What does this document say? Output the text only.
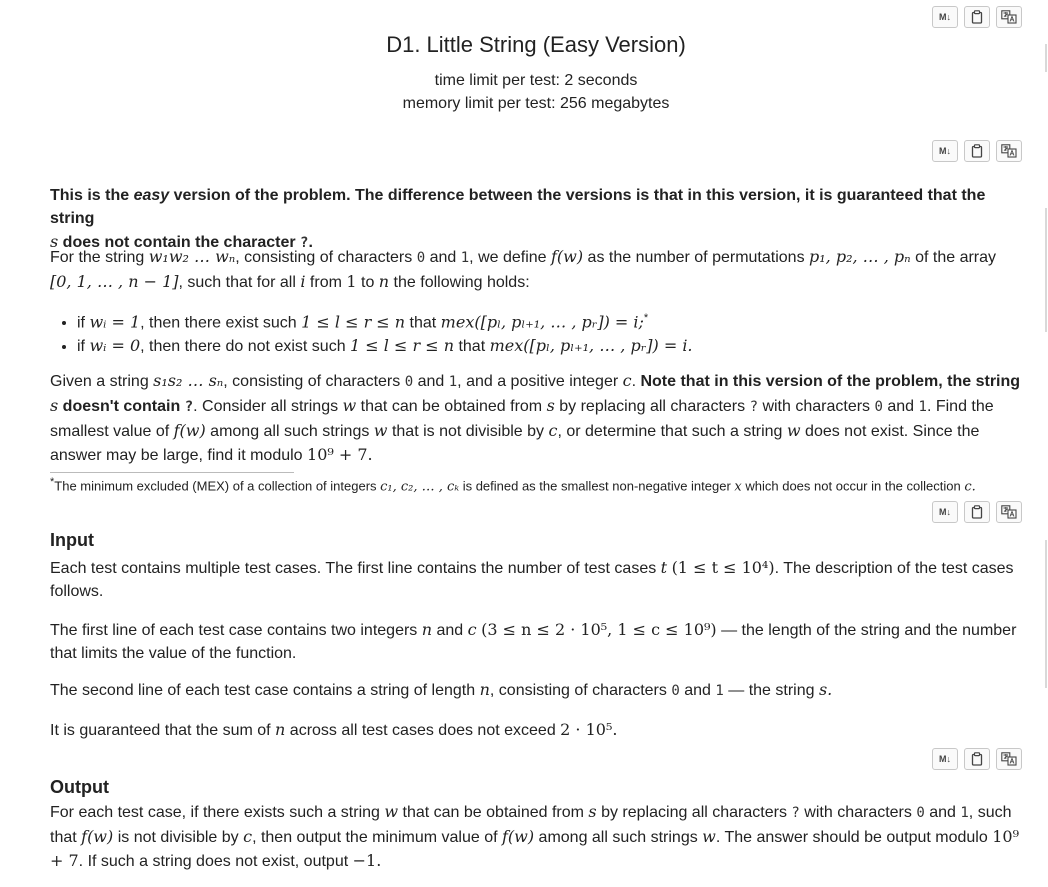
M↓
M↓
M↓
M↓
D1. Little String (Easy Version)
time limit per test: 2 seconds
memory limit per test: 256 megabytes
This is the easy version of the problem. The difference between the versions is that in this version, it is guaranteed that the string
s does not contain the character ?.
For the string w₁w₂ … wₙ, consisting of characters 0 and 1, we define f(w) as the number of permutations p₁, p₂, … , pₙ of the array
[0, 1, … , n − 1], such that for all i from 1 to n the following holds:
• if wᵢ = 1, then there exist such 1 ≤ l ≤ r ≤ n that mex([pₗ, pₗ₊₁, … , pᵣ]) = i;*
• if wᵢ = 0, then there do not exist such 1 ≤ l ≤ r ≤ n that mex([pₗ, pₗ₊₁, … , pᵣ]) = i.
Given a string s₁s₂ … sₙ, consisting of characters 0 and 1, and a positive integer c. Note that in this version of the problem, the string
s doesn't contain ?. Consider all strings w that can be obtained from s by replacing all characters ? with characters 0 and 1. Find the smallest value of f(w) among all such strings w that is not divisible by c, or determine that such a string w does not exist. Since the answer may be large, find it modulo 10⁹ + 7.
*The minimum excluded (MEX) of a collection of integers c₁, c₂, … , cₖ is defined as the smallest non-negative integer x which does not occur in the collection c.
Input
Each test contains multiple test cases. The first line contains the number of test cases t (1 ≤ t ≤ 10⁴). The description of the test cases follows.
The first line of each test case contains two integers n and c (3 ≤ n ≤ 2 · 10⁵, 1 ≤ c ≤ 10⁹) — the length of the string and the number that limits the value of the function.
The second line of each test case contains a string of length n, consisting of characters 0 and 1 — the string s.
It is guaranteed that the sum of n across all test cases does not exceed 2 · 10⁵.
Output
For each test case, if there exists such a string w that can be obtained from s by replacing all characters ? with characters 0 and 1, such that f(w) is not divisible by c, then output the minimum value of f(w) among all such strings w. The answer should be output modulo 10⁹ + 7. If such a string does not exist, output −1.
